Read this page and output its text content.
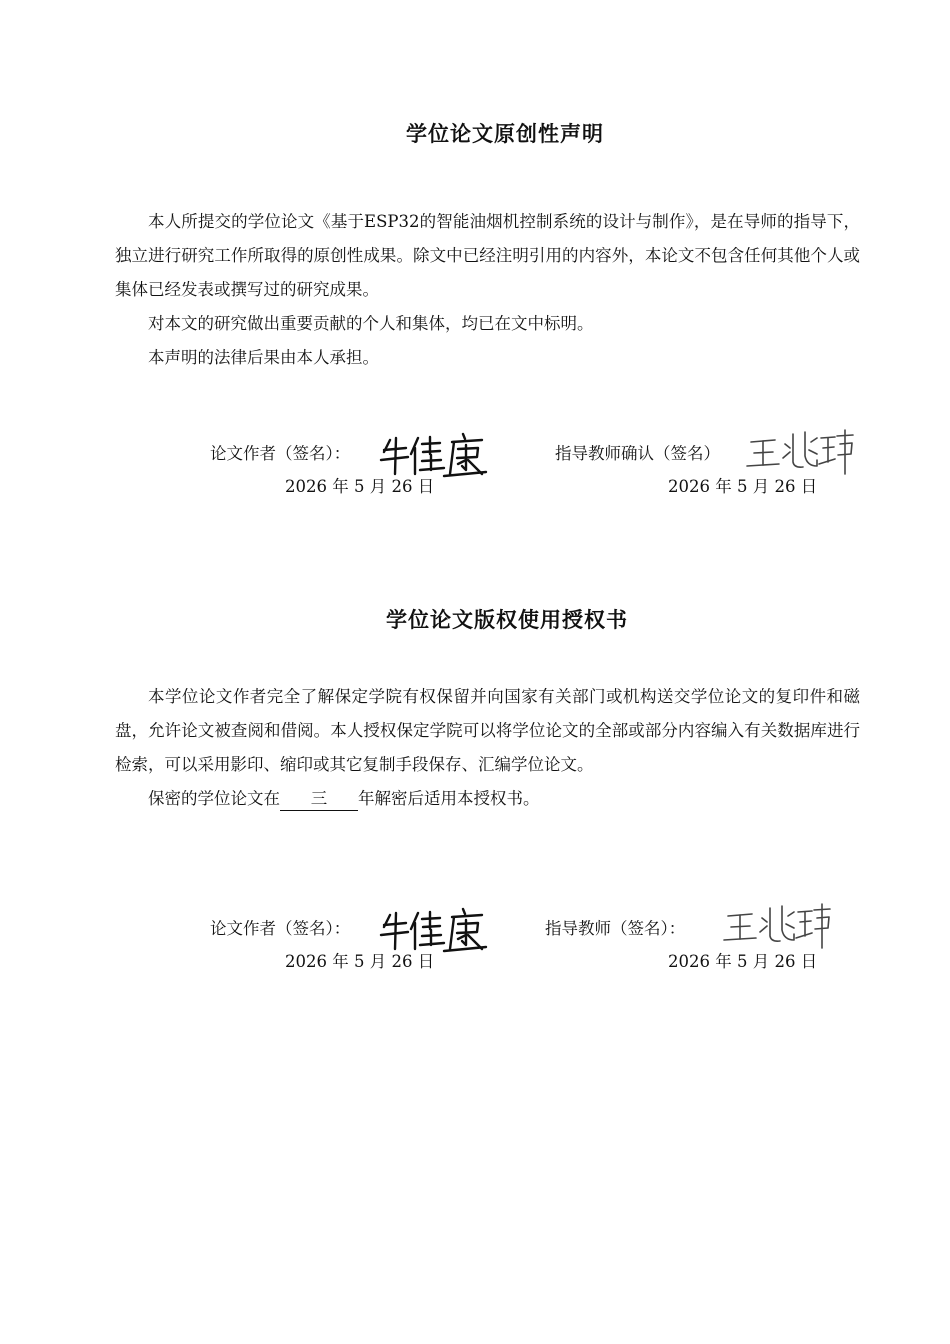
学位论文原创性声明

本人所提交的学位论文《基于ESP32的智能油烟机控制系统的设计与制作》，是在导师的指导下，独立进行研究工作所取得的原创性成果。除文中已经注明引用的内容外，本论文不包含任何其他个人或集体已经发表或撰写过的研究成果。

对本文的研究做出重要贡献的个人和集体，均已在文中标明。

本声明的法律后果由本人承担。

论文作者（签名）：
2026 年 5 月 26 日
指导教师确认（签名）
2026 年 5 月 26 日
学位论文版权使用授权书

本学位论文作者完全了解保定学院有权保留并向国家有关部门或机构送交学位论文的复印件和磁盘，允许论文被查阅和借阅。本人授权保定学院可以将学位论文的全部或部分内容编入有关数据库进行检索，可以采用影印、缩印或其它复制手段保存、汇编学位论文。

保密的学位论文在 三 年解密后适用本授权书。

论文作者（签名）：
2026 年 5 月 26 日
指导教师（签名）：
2026 年 5 月 26 日
